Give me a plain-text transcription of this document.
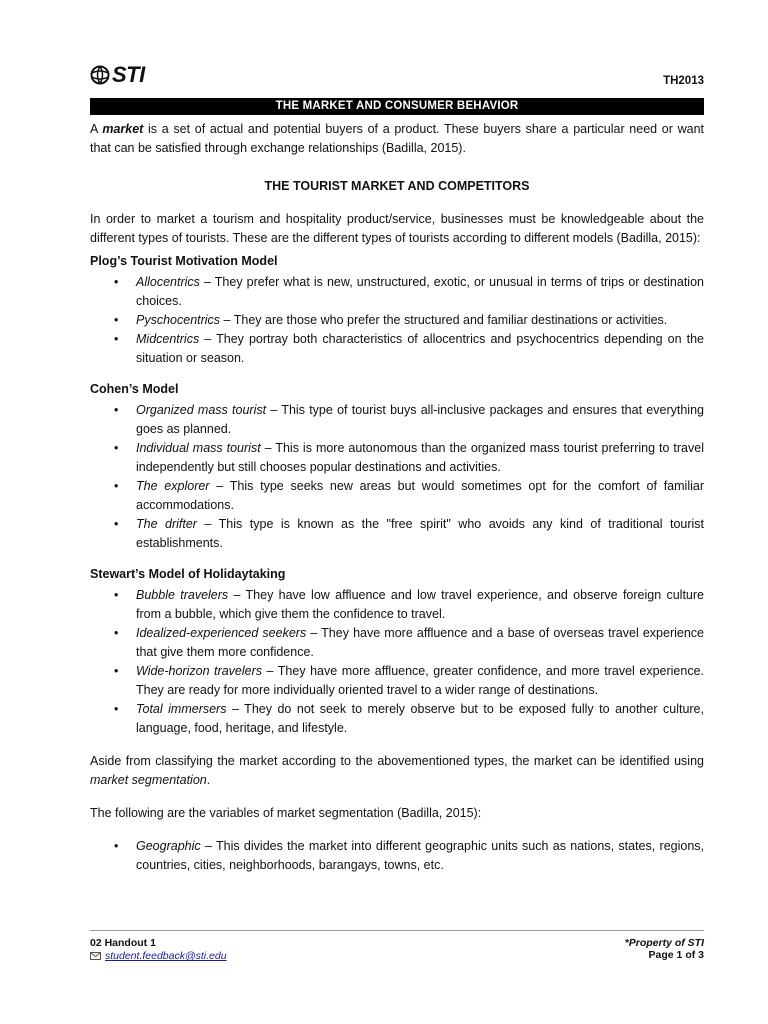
STI	TH2013
THE MARKET AND CONSUMER BEHAVIOR

A market is a set of actual and potential buyers of a product. These buyers share a particular need or want that can be satisfied through exchange relationships (Badilla, 2015).

THE TOURIST MARKET AND COMPETITORS

In order to market a tourism and hospitality product/service, businesses must be knowledgeable about the different types of tourists. These are the different types of tourists according to different models (Badilla, 2015):

Plog’s Tourist Motivation Model

• Allocentrics – They prefer what is new, unstructured, exotic, or unusual in terms of trips or destination choices.
• Pyschocentrics – They are those who prefer the structured and familiar destinations or activities.
• Midcentrics – They portray both characteristics of allocentrics and psychocentrics depending on the situation or season.

Cohen’s Model

• Organized mass tourist – This type of tourist buys all-inclusive packages and ensures that everything goes as planned.
• Individual mass tourist – This is more autonomous than the organized mass tourist preferring to travel independently but still chooses popular destinations and activities.
• The explorer – This type seeks new areas but would sometimes opt for the comfort of familiar accommodations.
• The drifter – This type is known as the "free spirit" who avoids any kind of traditional tourist establishments.

Stewart’s Model of Holidaytaking

• Bubble travelers – They have low affluence and low travel experience, and observe foreign culture from a bubble, which give them the confidence to travel.
• Idealized-experienced seekers – They have more affluence and a base of overseas travel experience that give them more confidence.
• Wide-horizon travelers – They have more affluence, greater confidence, and more travel experience. They are ready for more individually oriented travel to a wider range of destinations.
• Total immersers – They do not seek to merely observe but to be exposed fully to another culture, language, food, heritage, and lifestyle.

Aside from classifying the market according to the abovementioned types, the market can be identified using market segmentation.

The following are the variables of market segmentation (Badilla, 2015):

• Geographic – This divides the market into different geographic units such as nations, states, regions, countries, cities, neighborhoods, barangays, towns, etc.
02 Handout 1
student.feedback@sti.edu
*Property of STI
Page 1 of 3
